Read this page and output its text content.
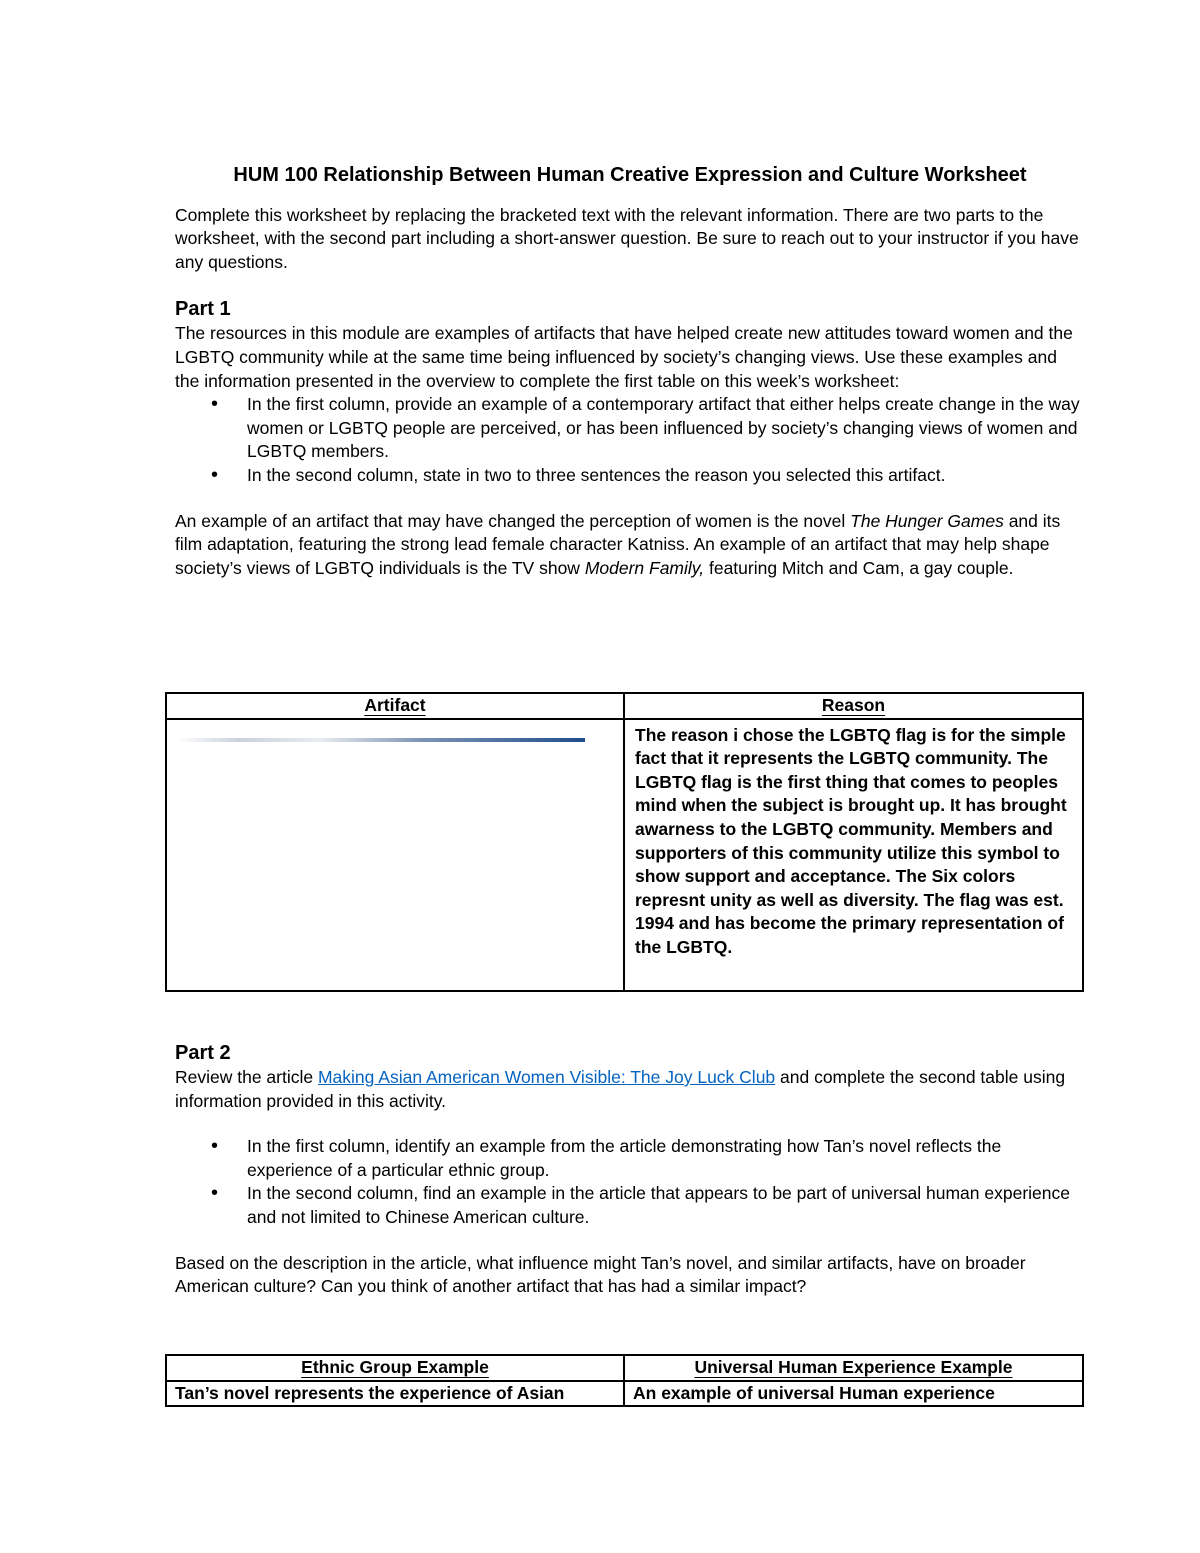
HUM 100 Relationship Between Human Creative Expression and Culture Worksheet

Complete this worksheet by replacing the bracketed text with the relevant information. There are two parts to the worksheet, with the second part including a short-answer question. Be sure to reach out to your instructor if you have any questions.

Part 1

The resources in this module are examples of artifacts that have helped create new attitudes toward women and the LGBTQ community while at the same time being influenced by society’s changing views. Use these examples and the information presented in the overview to complete the first table on this week’s worksheet:

• In the first column, provide an example of a contemporary artifact that either helps create change in the way women or LGBTQ people are perceived, or has been influenced by society’s changing views of women and LGBTQ members.
• In the second column, state in two to three sentences the reason you selected this artifact.

An example of an artifact that may have changed the perception of women is the novel The Hunger Games and its film adaptation, featuring the strong lead female character Katniss. An example of an artifact that may help shape society’s views of LGBTQ individuals is the TV show Modern Family, featuring Mitch and Cam, a gay couple.

Artifact	Reason

	The reason i chose the LGBTQ flag is for the simple fact that it represents the LGBTQ community. The LGBTQ flag is the first thing that comes to peoples mind when the subject is brought up. It has brought awarness to the LGBTQ community. Members and supporters of this community utilize this symbol to show support and acceptance. The Six colors represnt unity as well as diversity. The flag was est. 1994 and has become the primary representation of the LGBTQ.
Part 2

Review the article Making Asian American Women Visible: The Joy Luck Club and complete the second table using information provided in this activity.

• In the first column, identify an example from the article demonstrating how Tan’s novel reflects the experience of a particular ethnic group.
• In the second column, find an example in the article that appears to be part of universal human experience and not limited to Chinese American culture.

Based on the description in the article, what influence might Tan’s novel, and similar artifacts, have on broader American culture? Can you think of another artifact that has had a similar impact?

Ethnic Group Example	Universal Human Experience Example
Tan’s novel represents the experience of Asian	An example of universal Human experience
